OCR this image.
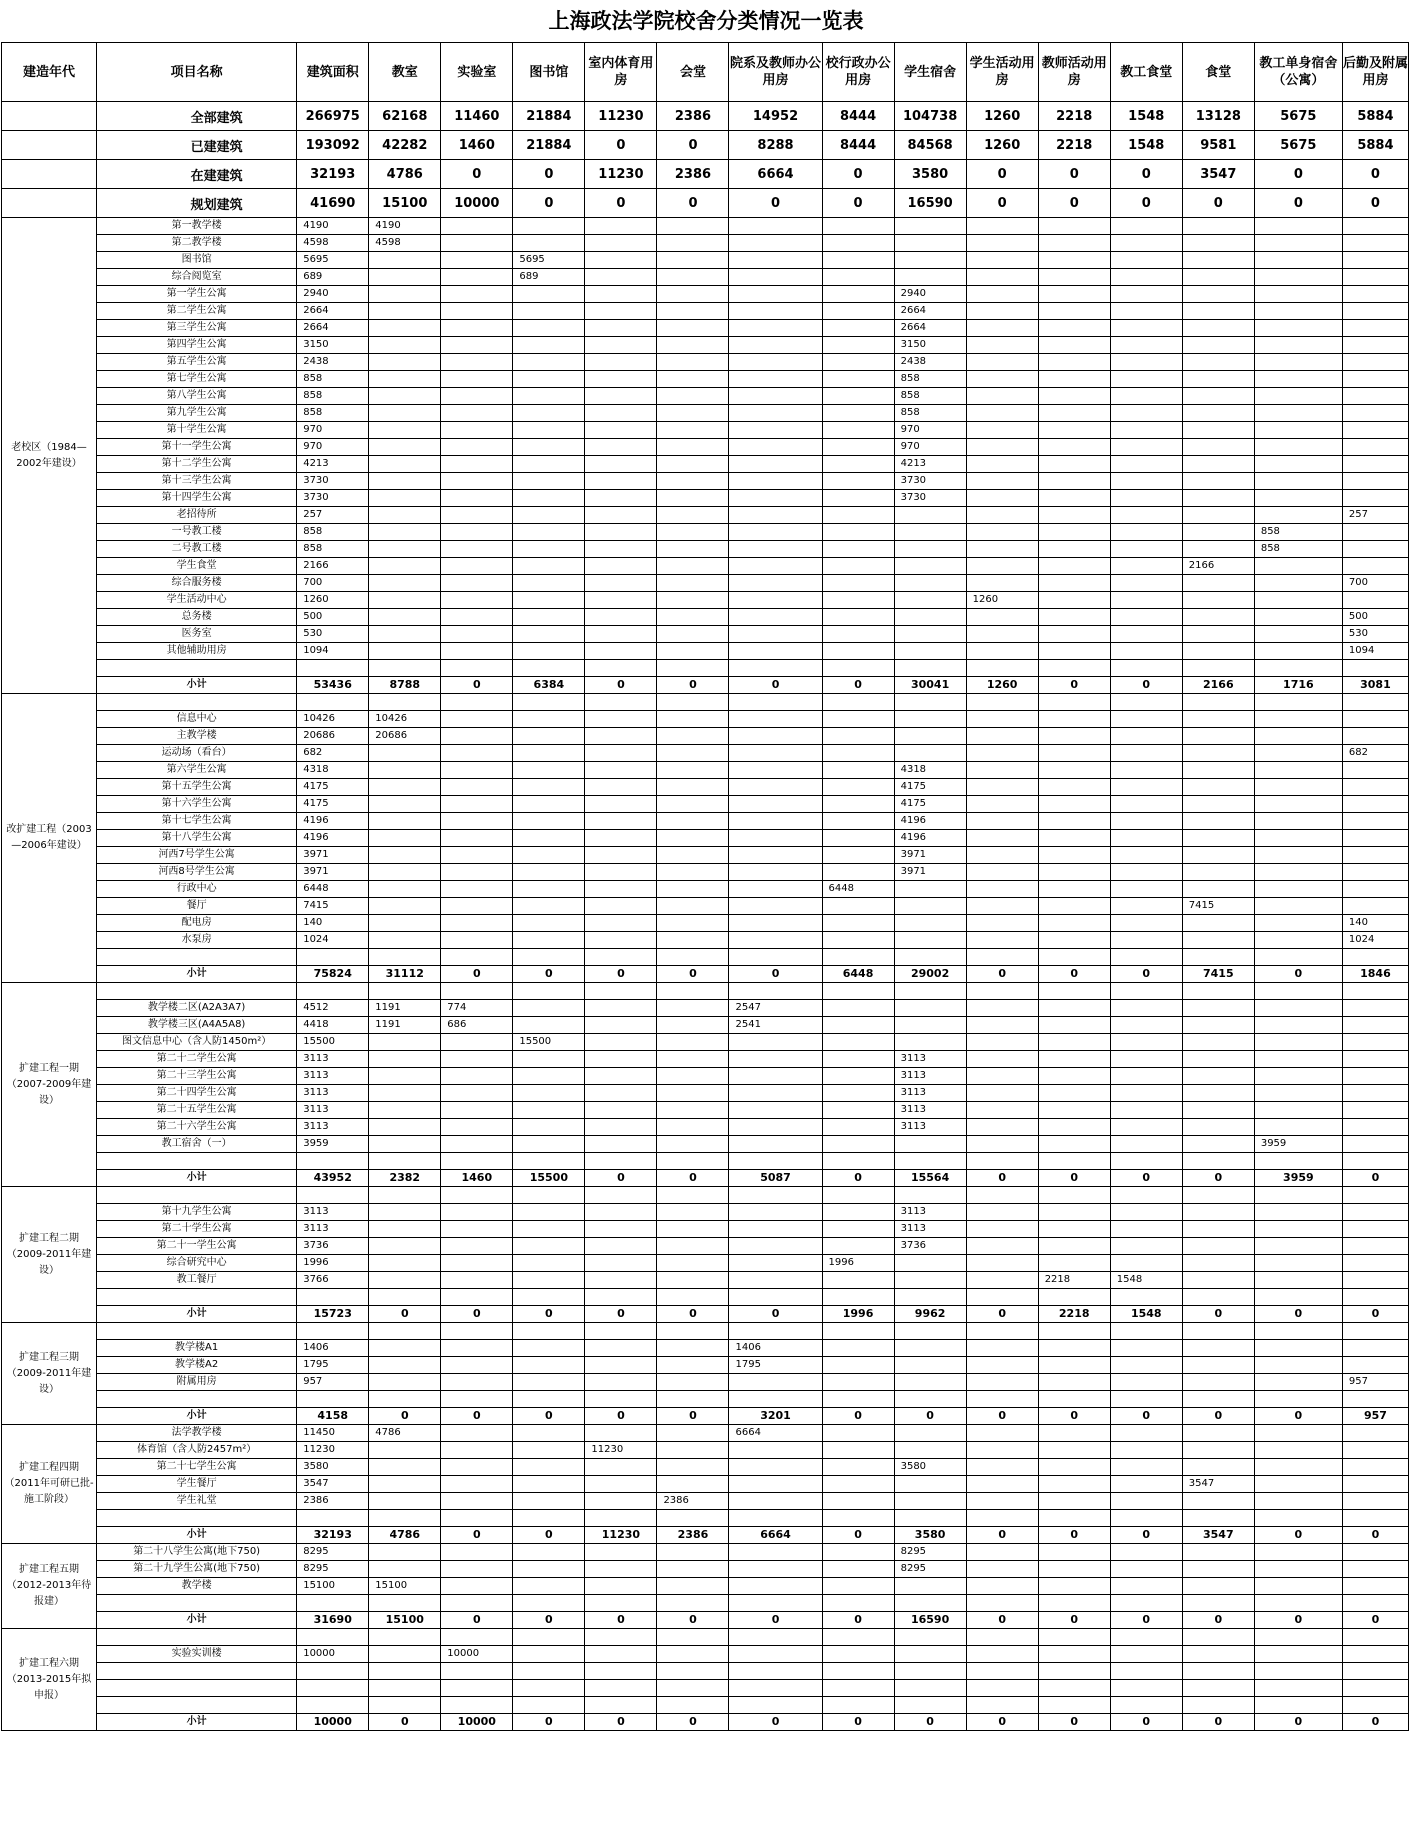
上海政法学院校舍分类情况一览表
建造年代	项目名称	建筑面积	教室	实验室	图书馆	室内体育用房	会堂	院系及教师办公用房	校行政办公用房	学生宿舍	学生活动用房	教师活动用房	教工食堂	食堂	教工单身宿舍（公寓）	后勤及附属用房
	全部建筑	266975	62168	11460	21884	11230	2386	14952	8444	104738	1260	2218	1548	13128	5675	5884
	已建建筑	193092	42282	1460	21884	0	0	8288	8444	84568	1260	2218	1548	9581	5675	5884
	在建建筑	32193	4786	0	0	11230	2386	6664	0	3580	0	0	0	3547	0	0
	规划建筑	41690	15100	10000	0	0	0	0	0	16590	0	0	0	0	0	0
老校区（1984—2002年建设）	第一教学楼	4190	4190													
	第二教学楼	4598	4598													
	图书馆	5695			5695											
	综合阅览室	689			689											
	第一学生公寓	2940								2940						
	第二学生公寓	2664								2664						
	第三学生公寓	2664								2664						
	第四学生公寓	3150								3150						
	第五学生公寓	2438								2438						
	第七学生公寓	858								858						
	第八学生公寓	858								858						
	第九学生公寓	858								858						
	第十学生公寓	970								970						
	第十一学生公寓	970								970						
	第十二学生公寓	4213								4213						
	第十三学生公寓	3730								3730						
	第十四学生公寓	3730								3730						
	老招待所	257														257
	一号教工楼	858													858	
	二号教工楼	858													858	
	学生食堂	2166												2166		
	综合服务楼	700														700
	学生活动中心	1260									1260					
	总务楼	500														500
	医务室	530														530
	其他辅助用房	1094														1094

	小计	53436	8788	0	6384	0	0	0	0	30041	1260	0	0	2166	1716	3081
改扩建工程（2003—2006年建设）																
	信息中心	10426	10426													
	主教学楼	20686	20686													
	运动场（看台）	682														682
	第六学生公寓	4318								4318						
	第十五学生公寓	4175								4175						
	第十六学生公寓	4175								4175						
	第十七学生公寓	4196								4196						
	第十八学生公寓	4196								4196						
	河西7号学生公寓	3971								3971						
	河西8号学生公寓	3971								3971						
	行政中心	6448							6448							
	餐厅	7415												7415		
	配电房	140														140
	水泵房	1024														1024

	小计	75824	31112	0	0	0	0	0	6448	29002	0	0	0	7415	0	1846
扩建工程一期（2007-2009年建设）																
	教学楼二区(A2A3A7)	4512	1191	774				2547								
	教学楼三区(A4A5A8)	4418	1191	686				2541								
	图文信息中心（含人防1450m²）	15500			15500											
	第二十二学生公寓	3113								3113						
	第二十三学生公寓	3113								3113						
	第二十四学生公寓	3113								3113						
	第二十五学生公寓	3113								3113						
	第二十六学生公寓	3113								3113						
	教工宿舍（一）	3959													3959	

	小计	43952	2382	1460	15500	0	0	5087	0	15564	0	0	0	0	3959	0
扩建工程二期（2009-2011年建设）																
	第十九学生公寓	3113								3113						
	第二十学生公寓	3113								3113						
	第二十一学生公寓	3736								3736						
	综合研究中心	1996							1996							
	教工餐厅	3766										2218	1548			

	小计	15723	0	0	0	0	0	0	1996	9962	0	2218	1548	0	0	0
扩建工程三期（2009-2011年建设）																
	教学楼A1	1406						1406								
	教学楼A2	1795						1795								
	附属用房	957														957

	小计	4158	0	0	0	0	0	3201	0	0	0	0	0	0	0	957
扩建工程四期（2011年可研已批-施工阶段）	法学教学楼	11450	4786					6664								
	体育馆（含人防2457m²）	11230				11230										
	第二十七学生公寓	3580								3580						
	学生餐厅	3547												3547		
	学生礼堂	2386					2386									

	小计	32193	4786	0	0	11230	2386	6664	0	3580	0	0	0	3547	0	0
扩建工程五期（2012-2013年待报建）	第二十八学生公寓(地下750)	8295								8295						
	第二十九学生公寓(地下750)	8295								8295						
	教学楼	15100	15100													

	小计	31690	15100	0	0	0	0	0	0	16590	0	0	0	0	0	0
扩建工程六期（2013-2015年拟申报）																
	实验实训楼	10000		10000												

	小计	10000	0	10000	0	0	0	0	0	0	0	0	0	0	0	0
